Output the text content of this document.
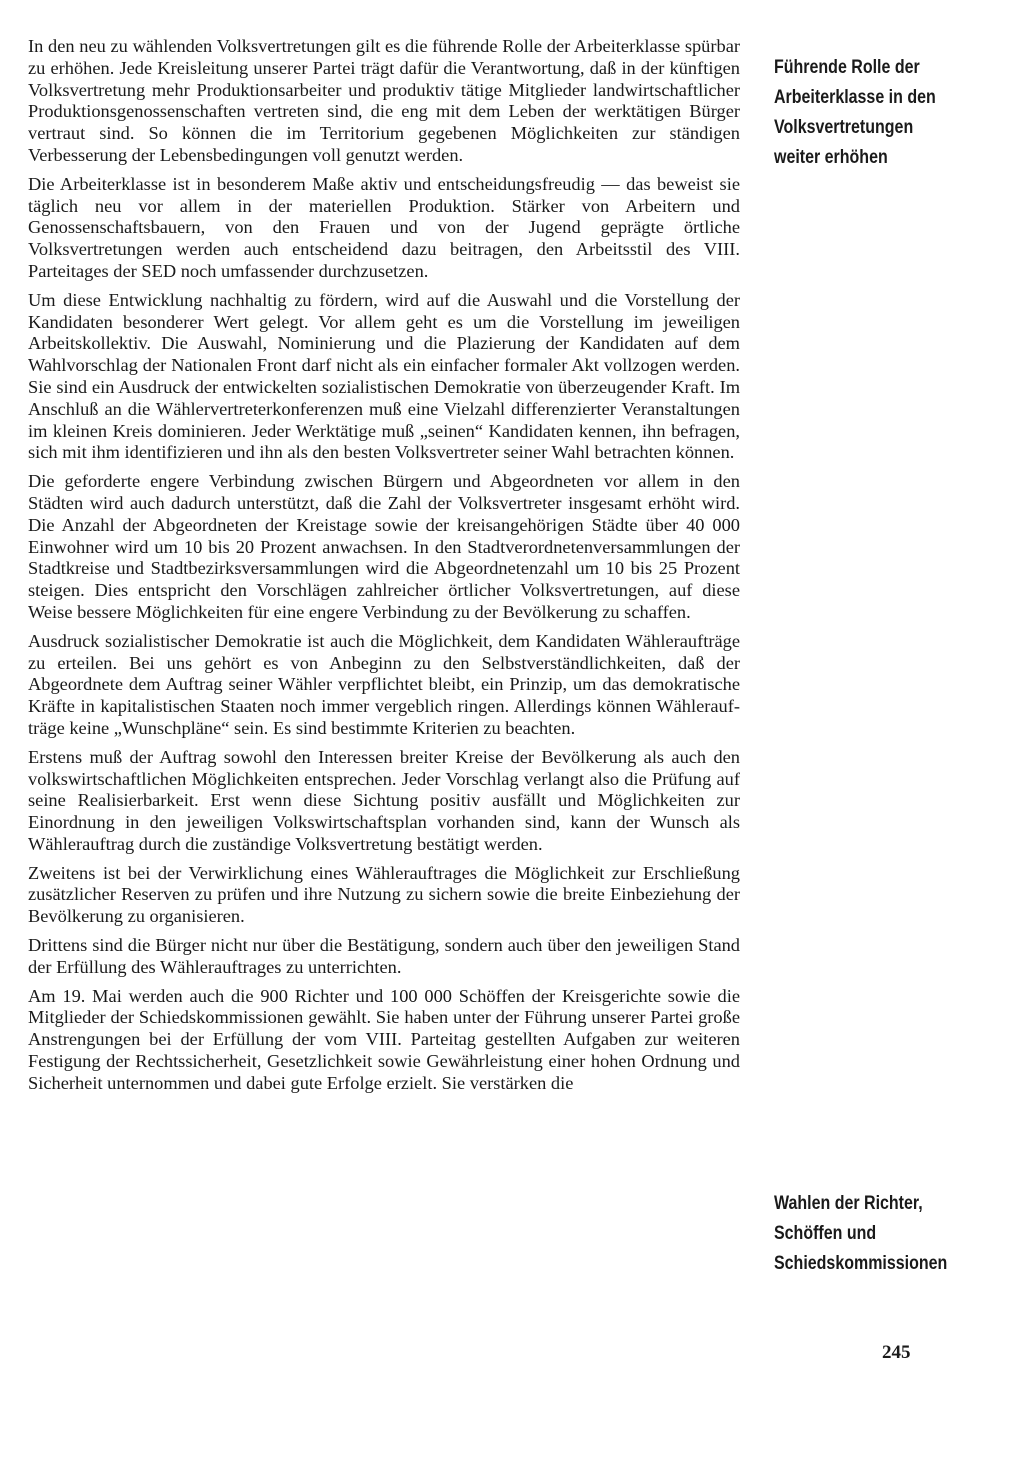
In den neu zu wählenden Volksvertretungen gilt es die führende Rolle der Arbeiterklasse spürbar zu erhöhen. Jede Kreisleitung unserer Partei trägt dafür die Verantwortung, daß in der künftigen Volksvertretung mehr Produktionsarbeiter und produktiv tätige Mitglieder landwirtschaftlicher Produktionsgenossenschaften vertreten sind, die eng mit dem Leben der werktätigen Bürger vertraut sind. So können die im Territorium gegebenen Möglichkeiten zur ständigen Verbesserung der Lebensbedingungen voll genutzt werden.

Die Arbeiterklasse ist in besonderem Maße aktiv und entscheidungsfreudig — das beweist sie täglich neu vor allem in der materiellen Produktion. Stärker von Arbeitern und Genossenschaftsbauern, von den Frauen und von der Jugend geprägte örtliche Volksvertretungen werden auch entscheidend dazu beitragen, den Arbeitsstil des VIII. Parteitages der SED noch umfassender durchzusetzen.

Um diese Entwicklung nachhaltig zu fördern, wird auf die Auswahl und die Vorstellung der Kandidaten besonderer Wert gelegt. Vor allem geht es um die Vorstellung im jeweiligen Arbeitskollektiv. Die Auswahl, Nominierung und die Plazierung der Kandidaten auf dem Wahlvorschlag der Nationalen Front darf nicht als ein einfacher formaler Akt vollzogen werden. Sie sind ein Ausdruck der entwickelten sozialistischen Demokratie von überzeugender Kraft. Im Anschluß an die Wählervertreterkonferenzen muß eine Vielzahl differenzierter Veranstaltungen im kleinen Kreis dominieren. Jeder Werktätige muß „seinen“ Kandidaten kennen, ihn befragen, sich mit ihm identifizieren und ihn als den besten Volksvertreter seiner Wahl betrachten können.

Die geforderte engere Verbindung zwischen Bürgern und Abgeordneten vor allem in den Städten wird auch dadurch unterstützt, daß die Zahl der Volksvertreter insgesamt erhöht wird. Die Anzahl der Abgeordneten der Kreistage sowie der kreisangehörigen Städte über 40 000 Einwohner wird um 10 bis 20 Prozent anwachsen. In den Stadtverordnetenversammlungen der Stadtkreise und Stadtbezirksversammlungen wird die Abgeordnetenzahl um 10 bis 25 Prozent steigen. Dies entspricht den Vorschlägen zahlreicher örtlicher Volksvertretungen, auf diese Weise bessere Möglichkeiten für eine engere Verbindung zu der Bevölkerung zu schaffen.

Ausdruck sozialistischer Demokratie ist auch die Möglichkeit, dem Kandidaten Wähleraufträge zu erteilen. Bei uns gehört es von Anbeginn zu den Selbstverständlichkeiten, daß der Abgeordnete dem Auftrag seiner Wähler verpflichtet bleibt, ein Prinzip, um das demokratische Kräfte in kapitalistischen Staaten noch immer vergeblich ringen. Allerdings können Wähleraufträge keine „Wunschpläne“ sein. Es sind bestimmte Kriterien zu beachten.

Erstens muß der Auftrag sowohl den Interessen breiter Kreise der Bevölkerung als auch den volkswirtschaftlichen Möglichkeiten entsprechen. Jeder Vorschlag verlangt also die Prüfung auf seine Realisierbarkeit. Erst wenn diese Sichtung positiv ausfällt und Möglichkeiten zur Einordnung in den jeweiligen Volkswirtschaftsplan vorhanden sind, kann der Wunsch als Wählerauftrag durch die zuständige Volksvertretung bestätigt werden.

Zweitens ist bei der Verwirklichung eines Wählerauftrages die Möglichkeit zur Erschließung zusätzlicher Reserven zu prüfen und ihre Nutzung zu sichern sowie die breite Einbeziehung der Bevölkerung zu organisieren.

Drittens sind die Bürger nicht nur über die Bestätigung, sondern auch über den jeweiligen Stand der Erfüllung des Wählerauftrages zu unterrichten.

Am 19. Mai werden auch die 900 Richter und 100 000 Schöffen der Kreisgerichte sowie die Mitglieder der Schiedskommissionen gewählt. Sie haben unter der Führung unserer Partei große Anstrengungen bei der Erfüllung der vom VIII. Parteitag gestellten Aufgaben zur weiteren Festigung der Rechtssicherheit, Gesetzlichkeit sowie Gewährleistung einer hohen Ordnung und Sicherheit unternommen und dabei gute Erfolge erzielt. Sie verstärken die

Führende Rolle der
Arbeiterklasse in den
Volksvertretungen
weiter erhöhen
Wahlen der Richter,
Schöffen und
Schiedskommissionen
245
